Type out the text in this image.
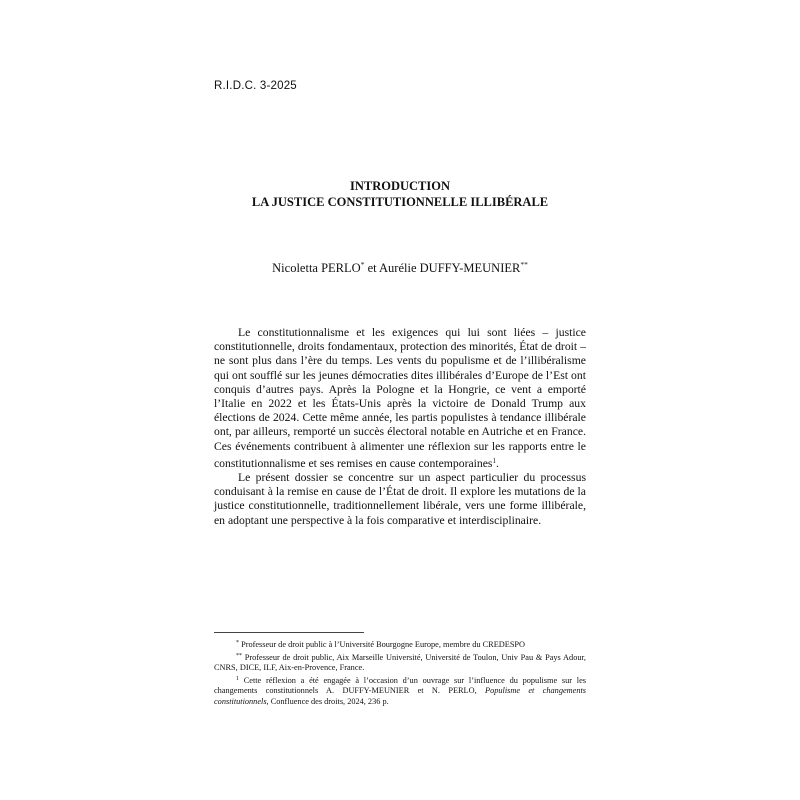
R.I.D.C. 3-2025
INTRODUCTION
LA JUSTICE CONSTITUTIONNELLE ILLIBÉRALE
Nicoletta PERLO* et Aurélie DUFFY-MEUNIER**

Le constitutionnalisme et les exigences qui lui sont liées – justice constitutionnelle, droits fondamentaux, protection des minorités, État de droit – ne sont plus dans l’ère du temps. Les vents du populisme et de l’illibéralisme qui ont soufflé sur les jeunes démocraties dites illibérales d’Europe de l’Est ont conquis d’autres pays. Après la Pologne et la Hongrie, ce vent a emporté l’Italie en 2022 et les États-Unis après la victoire de Donald Trump aux élections de 2024. Cette même année, les partis populistes à tendance illibérale ont, par ailleurs, remporté un succès électoral notable en Autriche et en France. Ces événements contribuent à alimenter une réflexion sur les rapports entre le constitutionnalisme et ses remises en cause contemporaines$^1$.

Le présent dossier se concentre sur un aspect particulier du processus conduisant à la remise en cause de l’État de droit. Il explore les mutations de la justice constitutionnelle, traditionnellement libérale, vers une forme illibérale, en adoptant une perspective à la fois comparative et interdisciplinaire.

* Professeur de droit public à l’Université Bourgogne Europe, membre du CREDESPO

** Professeur de droit public, Aix Marseille Université, Université de Toulon, Univ Pau & Pays Adour, CNRS, DICE, ILF, Aix-en-Provence, France.

$^1$ Cette réflexion a été engagée à l’occasion d’un ouvrage sur l’influence du populisme sur les changements constitutionnels A. DUFFY-MEUNIER et N. PERLO, Populisme et changements constitutionnels, Confluence des droits, 2024, 236 p.
